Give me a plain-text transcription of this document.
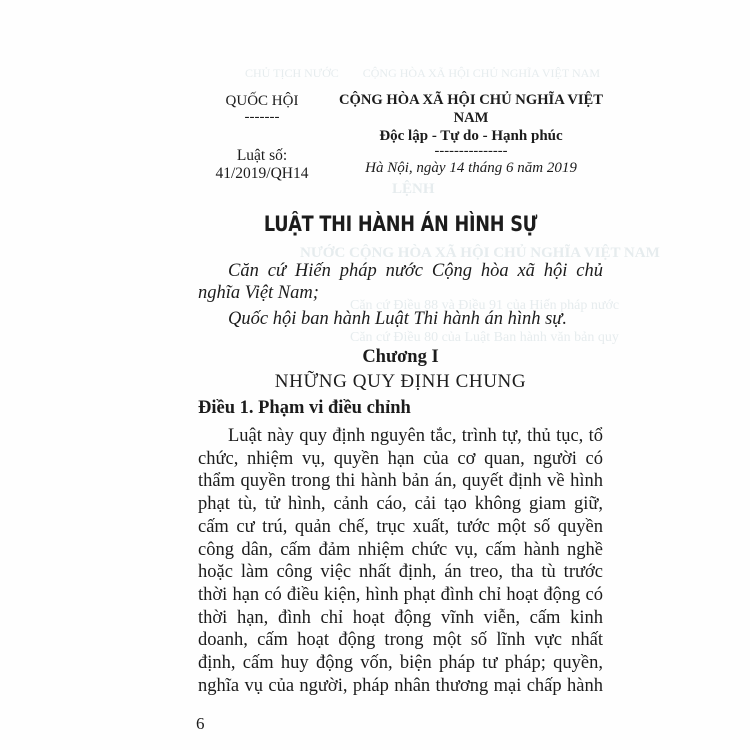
CHỦ TỊCH NƯỚC        CỘNG HÒA XÃ HỘI CHỦ NGHĨA VIỆT NAM
LỆNH
NƯỚC CỘNG HÒA XÃ HỘI CHỦ NGHĨA VIỆT NAM
Căn cứ Điều 88 và Điều 91 của Hiến pháp nước
Căn cứ Điều 80 của Luật Ban hành văn bản quy
QUỐC HỘI
-------
Luật số:
41/2019/QH14
CỘNG HÒA XÃ HỘI CHỦ NGHĨA VIỆT NAM
Độc lập - Tự do - Hạnh phúc
---------------
Hà Nội, ngày 14 tháng 6 năm 2019
LUẬT THI HÀNH ÁN HÌNH SỰ
Căn cứ Hiến pháp nước Cộng hòa xã hội chủ
nghĩa Việt Nam;
Quốc hội ban hành Luật Thi hành án hình sự.
Chương I
NHỮNG QUY ĐỊNH CHUNG
Điều 1. Phạm vi điều chỉnh
Luật này quy định nguyên tắc, trình tự, thủ tục, tổ
chức, nhiệm vụ, quyền hạn của cơ quan, người có
thẩm quyền trong thi hành bản án, quyết định về hình
phạt tù, tử hình, cảnh cáo, cải tạo không giam giữ,
cấm cư trú, quản chế, trục xuất, tước một số quyền
công dân, cấm đảm nhiệm chức vụ, cấm hành nghề
hoặc làm công việc nhất định, án treo, tha tù trước
thời hạn có điều kiện, hình phạt đình chỉ hoạt động có
thời hạn, đình chỉ hoạt động vĩnh viễn, cấm kinh
doanh, cấm hoạt động trong một số lĩnh vực nhất
định, cấm huy động vốn, biện pháp tư pháp; quyền,
nghĩa vụ của người, pháp nhân thương mại chấp hành
6
